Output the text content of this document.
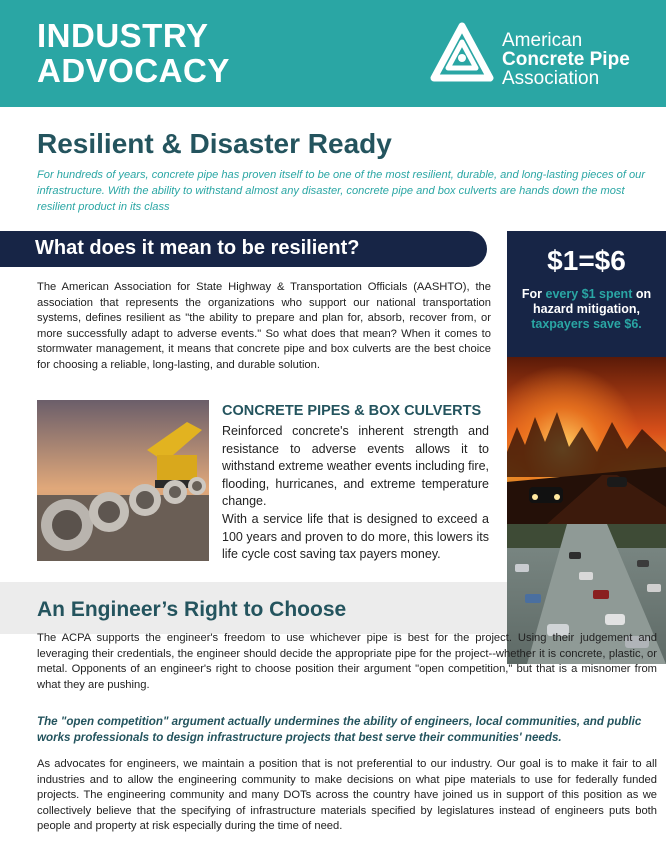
INDUSTRY
ADVOCACY
American
Concrete Pipe
Association
Resilient & Disaster Ready
For hundreds of years, concrete pipe has proven itself to be one of the most resilient, durable, and long-lasting pieces of our infrastructure. With the ability to withstand almost any disaster, concrete pipe and box culverts are hands down the most resilient product in its class
What does it mean to be resilient?	$1=$6
For every $1 spent on hazard mitigation, taxpayers save $6.
The American Association for State Highway & Transportation Officials (AASHTO), the association that represents the organizations who support our national transportation systems, defines resilient as "the ability to prepare and plan for, absorb, recover from, or more successfully adapt to adverse events." So what does that mean? When it comes to stormwater management, it means that concrete pipe and box culverts are the best choice for choosing a reliable, long-lasting, and durable solution.
CONCRETE PIPES & BOX CULVERTS
Reinforced concrete's inherent strength and resistance to adverse events allows it to withstand extreme weather events including fire, flooding, hurricanes, and extreme temperature change.
With a service life that is designed to exceed a 100 years and proven to do more, this lowers its life cycle cost saving tax payers money.
An Engineer’s Right to Choose
The ACPA supports the engineer's freedom to use whichever pipe is best for the project. Using their judgement and leveraging their credentials, the engineer should decide the appropriate pipe for the project--whether it is concrete, plastic, or metal. Opponents of an engineer's right to choose position their argument "open competition," but that is a misnomer from what they are pushing.
The "open competition" argument actually undermines the ability of engineers, local communities, and public works professionals to design infrastructure projects that best serve their communities' needs.
As advocates for engineers, we maintain a position that is not preferential to our industry. Our goal is to make it fair to all industries and to allow the engineering community to make decisions on what pipe materials to use for federally funded projects. The engineering community and many DOTs across the country have joined us in support of this position as we collectively believe that the specifying of infrastructure materials specified by legislatures instead of engineers puts both people and property at risk especially during the time of need.
